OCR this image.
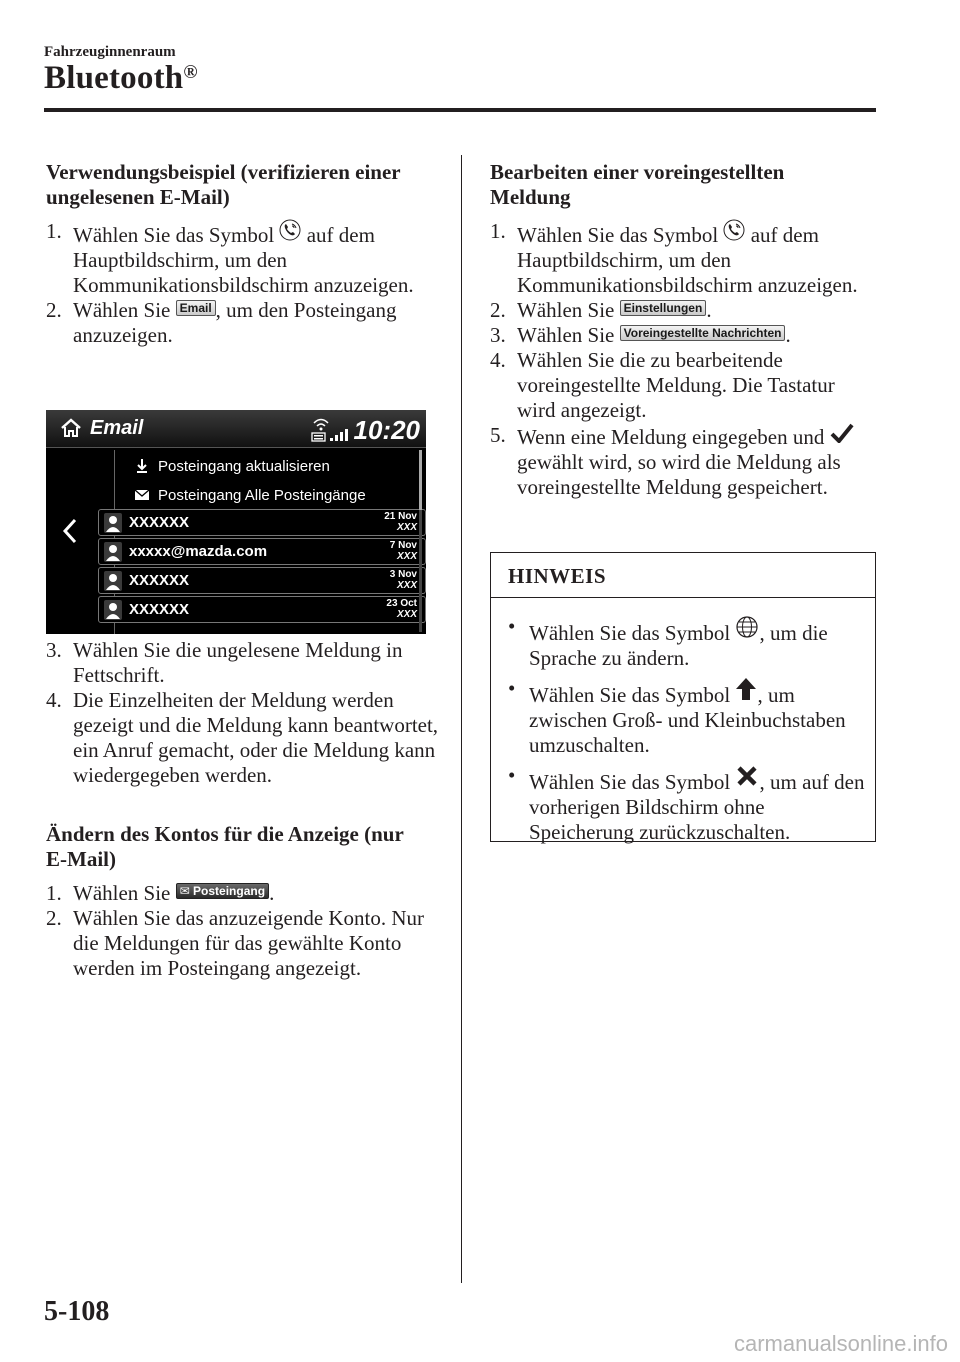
Fahrzeuginnenraum
Bluetooth®
Verwendungsbeispiel (verifizieren einer
ungelesenen E-Mail)
1. Wählen Sie das Symbol auf dem Hauptbildschirm, um den Kommunikationsbildschirm anzuzeigen.
2. Wählen Sie Email , um den Posteingang anzuzeigen.
Email	10:20
Posteingang aktualisieren
Posteingang Alle Posteingänge
XXXXXX	21 Nov
XXX
xxxxx@mazda.com	7 Nov
XXX
XXXXXX	3 Nov
XXX
XXXXXX	23 Oct
XXX
3. Wählen Sie die ungelesene Meldung in Fettschrift.
4. Die Einzelheiten der Meldung werden gezeigt und die Meldung kann beantwortet, ein Anruf gemacht, oder die Meldung kann wiedergegeben werden.
Ändern des Kontos für die Anzeige (nur
E-Mail)
1. Wählen Sie ✉ Posteingang .
2. Wählen Sie das anzuzeigende Konto. Nur die Meldungen für das gewählte Konto werden im Posteingang angezeigt.
Bearbeiten einer voreingestellten
Meldung
1. Wählen Sie das Symbol auf dem Hauptbildschirm, um den Kommunikationsbildschirm anzuzeigen.
2. Wählen Sie Einstellungen .
3. Wählen Sie Voreingestellte Nachrichten .
4. Wählen Sie die zu bearbeitende voreingestellte Meldung. Die Tastatur wird angezeigt.
5. Wenn eine Meldung eingegeben und  gewählt wird, so wird die Meldung als voreingestellte Meldung gespeichert.
HINWEIS
• Wählen Sie das Symbol , um die Sprache zu ändern.
• Wählen Sie das Symbol , um zwischen Groß- und Kleinbuchstaben umzuschalten.
• Wählen Sie das Symbol , um auf den vorherigen Bildschirm ohne Speicherung zurückzuschalten.
5-108
carmanualsonline.info
